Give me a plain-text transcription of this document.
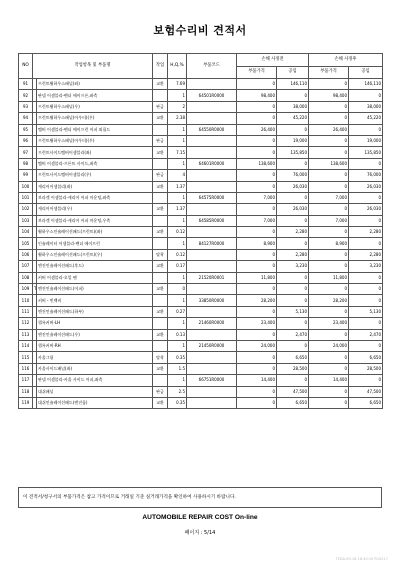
보험수리비 견적서
NO	작업항목 및 부품명		작업	H,Q,%	부품코드	손해 사정전		손해 사정후	
						부품가격	공임	부품가격	공임
91		프런트휠하우스패널(좌)	교환	7.69		0	146,110	0	146,110
92		판넬 어셈블리-펜더 에이프론,좌측		1	64501R0000	98,400	0	98,400	0
93		프런트휠하우스패널(우)	판금	2		0	38,000	0	38,000
94		프런트휠하우스패널(아우터)(우)	교환	2.38		0	45,220	0	45,220
95		멤버 어셈블리-펜더 에이프런 어퍼 외필드		1	64550R0000	26,400	0	26,400	0
96		프런트휠하우스패널(아우터)(우)	판금	1		0	19,000	0	19,000
97		프런트사이드멤버어셈블리(좌)	교환	7.15		0	135,850	0	135,850
98		멤버 어셈블리-프론트 사이드,좌측		1	64601R0000	138,600	0	138,600	0
99		프런트사이드멤버어셈블리(우)	판금	4		0	76,000	0	76,000
100		캐리어어셈블리(좌)	교환	1.37		0	26,030	0	26,030
101		브라켓 어셈블리-캐리어 어퍼 마운팅,좌측		1	64575R0000	7,000	0	7,000	0
102		캐리어어셈블리(우)	교환	1.37		0	26,030	0	26,030
103		브라켓 어셈블리-캐리어 어퍼 마운팅,우측		1	64585R0000	7,000	0	7,000	0
104		휠하우스인슐레이션패드(프런트)(좌)	교환	0.12		0	2,280	0	2,280
105		인슐레이터 어셈블리-펜더 에이프런		1	84127R0000	8,900	0	8,900	0
106		휠하우스인슐레이션패드(프런트)(우)	탈착	0.12		0	2,280	0	2,280
107		엔진인슐레이션패드(후드)	교환	0.17		0	3,230	0	3,230
108		커버 어셈블리-오일 팬		1	21520R0001	11,800	0	11,800	0
109	T	엔진인슐레이션패드(어퍼)	교환	0		0	0	0	0
110		커버 - 빈백비		1	33850R0000	28,200	0	28,200	0
111		엔진인슐레이션패드(하부)	교환	0.27		0	5,130	0	5,130
112		헬륵커버-LH		1	21460R0000	23,400	0	23,400	0
113		엔진인슐레이션패드(우)	교환	0.13		0	2,470	0	2,470
114		헬륵커버-RH		1	21450R0000	24,000	0	24,000	0
115		카울그릴	탈착	0.35		0	6,650	0	6,650
116		카울사이드패널(좌)	교환	1.5		0	28,500	0	28,500
117		판넬 어셈블리-카울 사이드 어퍼,좌측		1	66751R0000	14,400	0	14,400	0
118		대쉬패널	판금	2.5		0	47,500	0	47,500
119		대쉬인슐레이션패드(엔진룸)	교환	0.35		0	6,650	0	6,650
이 견적서/청구서의 부품가격은 참고 가격이므로 거래일 기준 실거래가격을 확인하여 사용하시기 바랍니다.
AUTOMOBILE REPAIR COST On-line
페이지 : 5/14
TEDA-09-16-16:40:10 R10217
